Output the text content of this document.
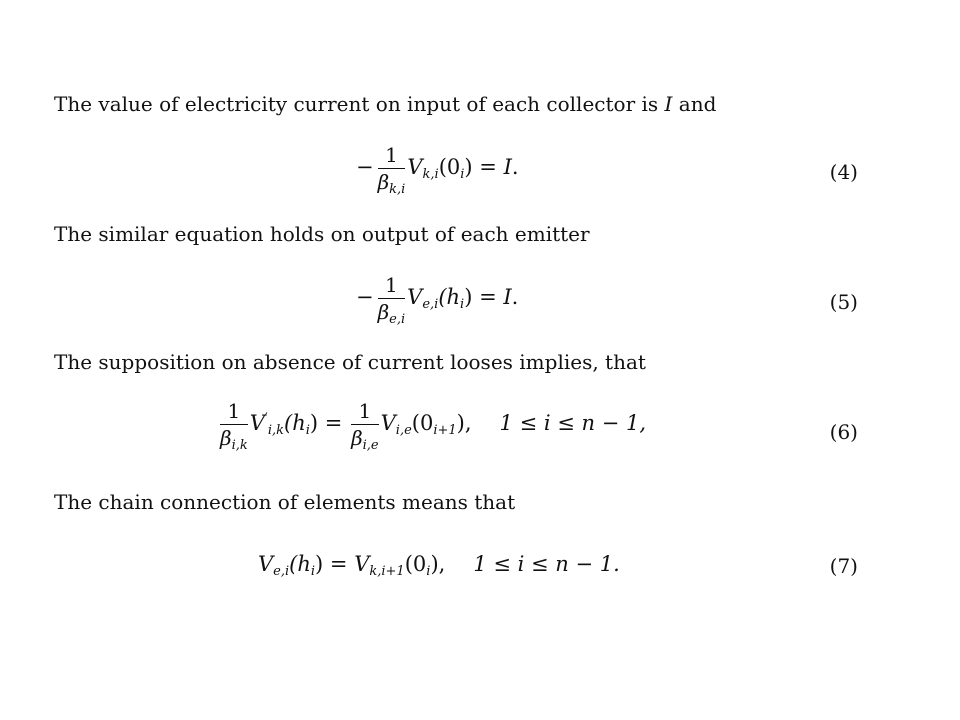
The value of electricity current on input of each collector is I and
− $\frac{1}{\beta_{k,i}} V_{k,i}(0_i) = I$.	(4)
The similar equation holds on output of each emitter
− $\frac{1}{\beta_{e,i}} V_{e,i}(h_i) = I$.	(5)
The supposition on absence of current looses implies, that
$\frac{1}{\beta_{i,k}} V'_{i,k}(h_i) = \frac{1}{\beta_{i,e}} V_{i,e}(0_{i+1})$, 1 ≤ i ≤ n − 1,	(6)
The chain connection of elements means that
$V_{e,i}(h_i) = V_{k,i+1}(0_i)$, 1 ≤ i ≤ n − 1.	(7)
